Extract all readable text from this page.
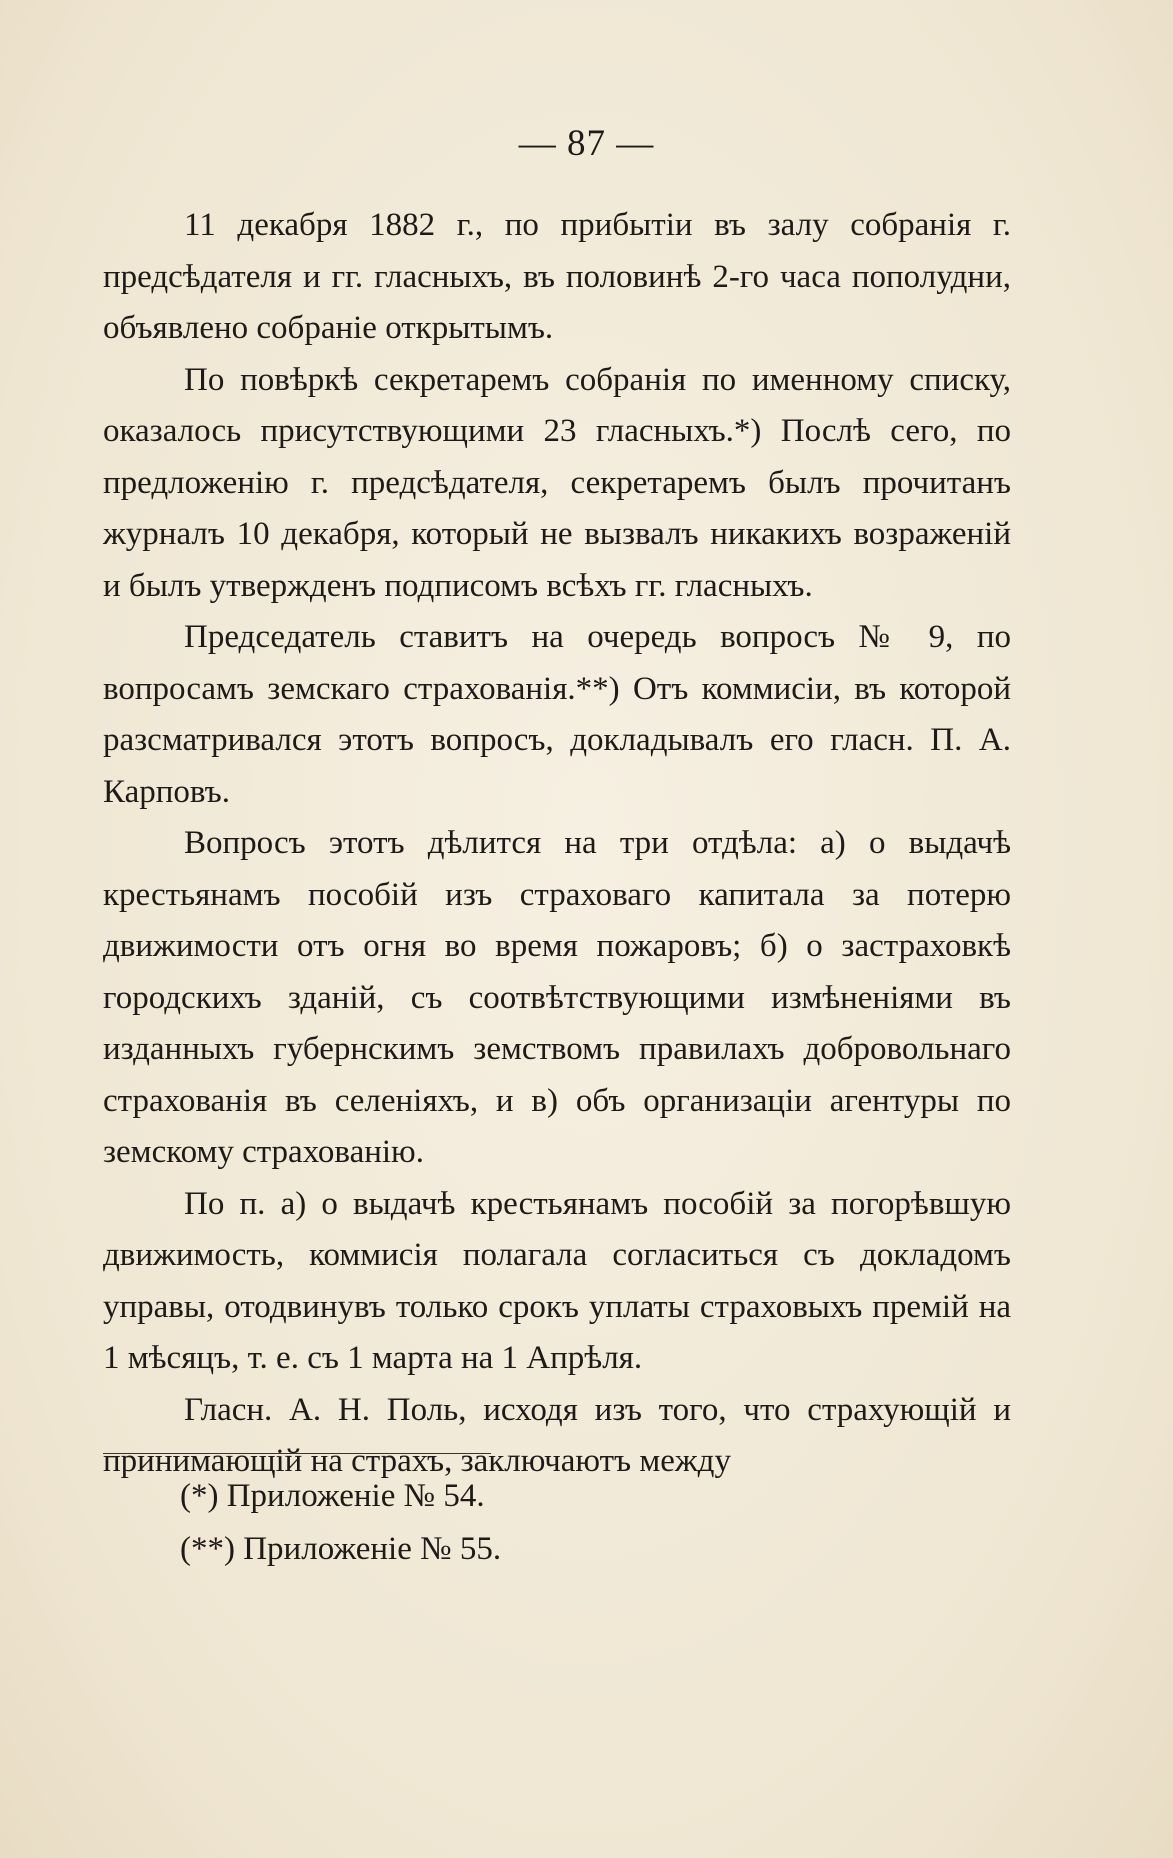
— 87 —

11 декабря 1882 г., по прибытіи въ залу собранія г. предсѣдателя и гг. гласныхъ, въ половинѣ 2-го часа пополудни, объявлено собраніе открытымъ.

По повѣркѣ секретаремъ собранія по именному списку, оказалось присутствующими 23 гласныхъ.*) Послѣ сего, по предложенію г. предсѣдателя, секретаремъ былъ прочитанъ журналъ 10 декабря, который не вызвалъ никакихъ возраженій и былъ утвержденъ подписомъ всѣхъ гг. гласныхъ.

Председатель ставитъ на очередь вопросъ № 9, по вопросамъ земскаго страхованія.**) Отъ коммисіи, въ которой разсматривался этотъ вопросъ, докладывалъ его гласн. П. А. Карповъ.

Вопросъ этотъ дѣлится на три отдѣла: а) о выдачѣ крестьянамъ пособій изъ страховаго капитала за потерю движимости отъ огня во время пожаровъ; б) о застраховкѣ городскихъ зданій, съ соотвѣтствующими измѣненіями въ изданныхъ губернскимъ земствомъ правилахъ добровольнаго страхованія въ селеніяхъ, и в) объ организаціи агентуры по земскому страхованію.

По п. а) о выдачѣ крестьянамъ пособій за погорѣвшую движимость, коммисія полагала согласиться съ докладомъ управы, отодвинувъ только срокъ уплаты страховыхъ премій на 1 мѣсяцъ, т. е. съ 1 марта на 1 Апрѣля.

Гласн. А. Н. Поль, исходя изъ того, что страхующій и принимающій на страхъ, заключаютъ между

(*) Приложеніе № 54.

(**) Приложеніе № 55.
